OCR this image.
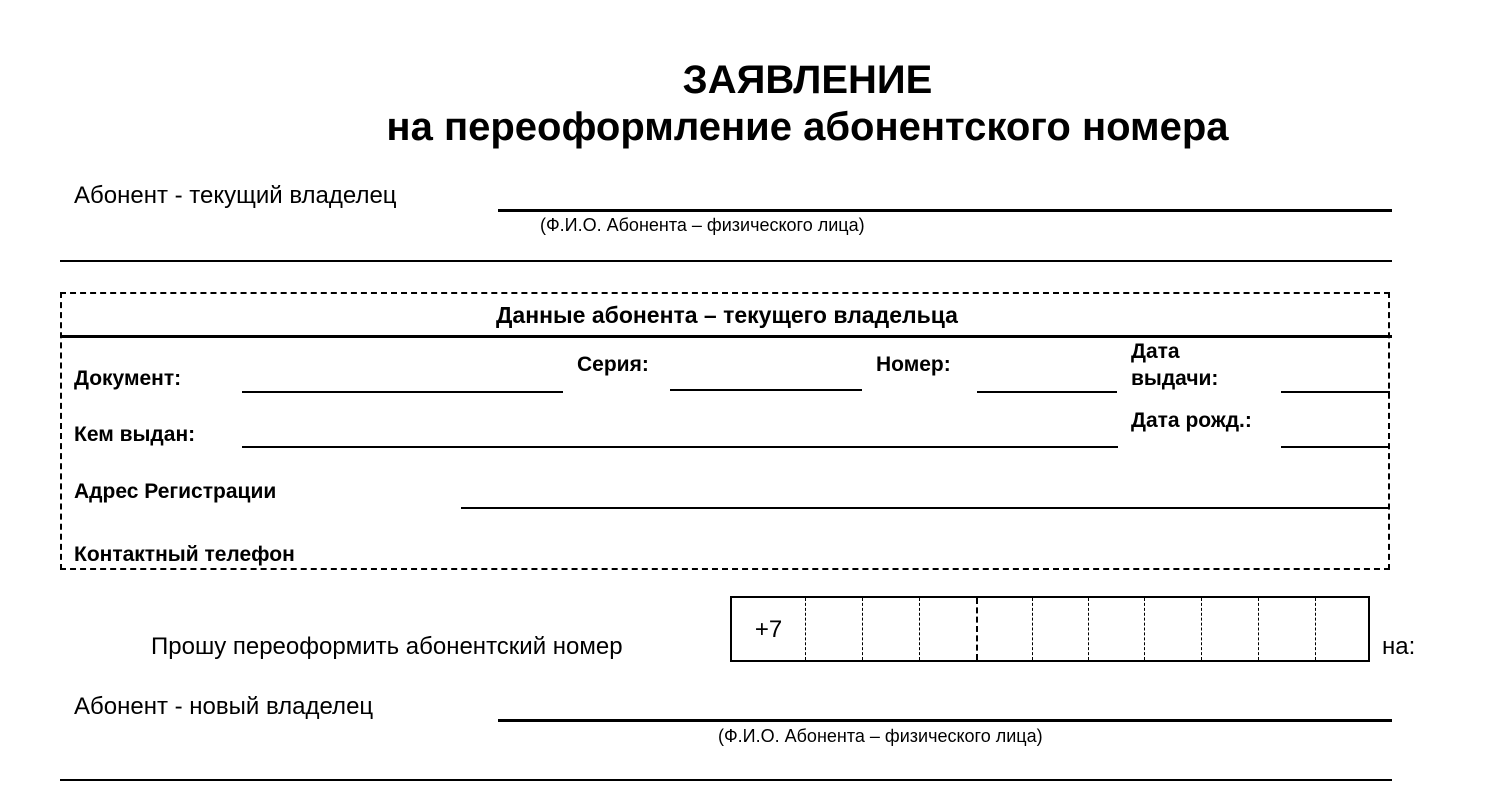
ЗАЯВЛЕНИЕ
на переоформление абонентского номера
Абонент - текущий владелец
(Ф.И.О. Абонента – физического лица)
Данные абонента – текущего владельца
Документ:
Серия:	Номер:
Дата
выдачи:
Кем выдан:
Дата рожд.:
Адрес Регистрации
Контактный телефон
Прошу переоформить абонентский номер
+7
на:
Абонент - новый владелец
(Ф.И.О. Абонента – физического лица)
